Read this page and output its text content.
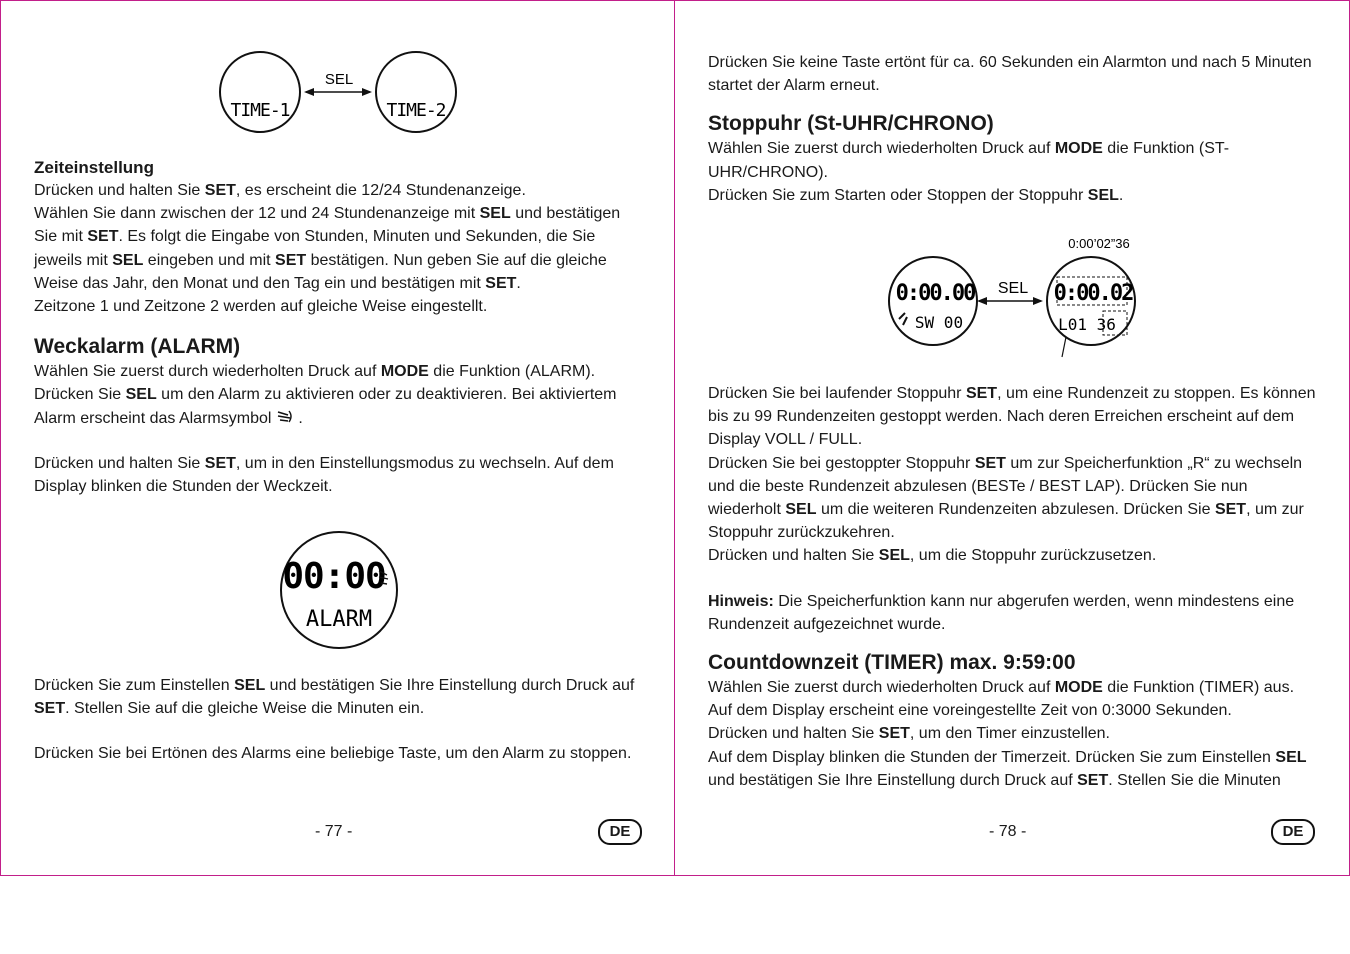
TIME-1	TIME-2
SEL

Zeiteinstellung

Drücken und halten Sie SET, es erscheint die 12/24 Stundenanzeige.

Wählen Sie dann zwischen der 12 und 24 Stundenanzeige mit SEL und bestätigen Sie mit SET. Es folgt die Eingabe von Stunden, Minuten und Sekunden, die Sie jeweils mit SEL eingeben und mit SET bestätigen. Nun geben Sie auf die gleiche Weise das Jahr, den Monat und den Tag ein und bestätigen mit SET.

Zeitzone 1 und Zeitzone 2 werden auf gleiche Weise eingestellt.

Weckalarm (ALARM)

Wählen Sie zuerst durch wiederholten Druck auf MODE die Funktion (ALARM).

Drücken Sie SEL um den Alarm zu aktivieren oder zu deaktivieren. Bei aktiviertem Alarm erscheint das Alarmsymbol  .

Drücken und halten Sie SET, um in den Einstellungsmodus zu wechseln. Auf dem Display blinken die Stunden der Weckzeit.

00:00
ALARM

Drücken Sie zum Einstellen SEL und bestätigen Sie Ihre Einstellung durch Druck auf SET. Stellen Sie auf die gleiche Weise die Minuten ein.

Drücken Sie bei Ertönen des Alarms eine beliebige Taste, um den Alarm zu stoppen.

- 77 -	DE

Drücken Sie keine Taste ertönt für ca. 60 Sekunden ein Alarmton und nach 5 Minuten startet der Alarm erneut.

Stoppuhr (St-UHR/CHRONO)

Wählen Sie zuerst durch wiederholten Druck auf MODE die Funktion (ST-UHR/CHRONO).

Drücken Sie zum Starten oder Stoppen der Stoppuhr SEL.

0:00’02”36
0:00.00
SW 00
SEL 0:00.02
L01 36

Drücken Sie bei laufender Stoppuhr SET, um eine Rundenzeit zu stoppen. Es können bis zu 99 Rundenzeiten gestoppt werden. Nach deren Erreichen erscheint auf dem Display VOLL / FULL.

Drücken Sie bei gestoppter Stoppuhr SET um zur Speicherfunktion „R“ zu wechseln und die beste Rundenzeit abzulesen (BESTe / BEST LAP). Drücken Sie nun wiederholt SEL um die weiteren Rundenzeiten abzulesen. Drücken Sie SET, um zur Stoppuhr zurückzukehren.

Drücken und halten Sie SEL, um die Stoppuhr zurückzusetzen.

Hinweis: Die Speicherfunktion kann nur abgerufen werden, wenn mindestens eine Rundenzeit aufgezeichnet wurde.

Countdownzeit (TIMER) max. 9:59:00

Wählen Sie zuerst durch wiederholten Druck auf MODE die Funktion (TIMER) aus.

Auf dem Display erscheint eine voreingestellte Zeit von 0:3000 Sekunden.

Drücken und halten Sie SET, um den Timer einzustellen.

Auf dem Display blinken die Stunden der Timerzeit. Drücken Sie zum Einstellen SEL und bestätigen Sie Ihre Einstellung durch Druck auf SET. Stellen Sie die Minuten

- 78 -	DE
